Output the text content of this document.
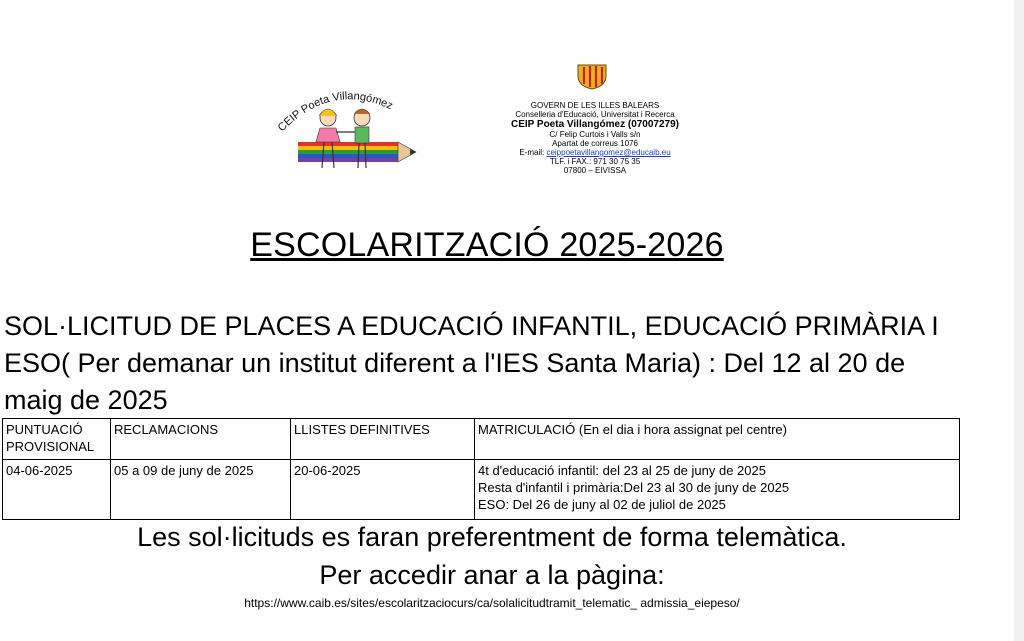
CEIP Poeta Villangómez	GOVERN DE LES ILLES BALEARS
Conselleria d'Educació, Universitat i Recerca
CEIP Poeta Villangómez (07007279)
C/ Felip Curtois i Valls s/n
Apartat de correus 1076
E-mail: ceippoetavillangomez@educaib.eu
TLF. i FAX.: 971 30 75 35
07800 – EIVISSA
ESCOLARITZACIÓ 2025-2026
SOL·LICITUD DE PLACES A EDUCACIÓ INFANTIL, EDUCACIÓ PRIMÀRIA I ESO( Per demanar un institut diferent a l'IES Santa Maria) : Del 12 al 20 de maig de 2025
PUNTUACIÓ PROVISIONAL	RECLAMACIONS	LLISTES DEFINITIVES	MATRICULACIÓ (En el dia i hora assignat pel centre)
04-06-2025	05 a 09 de juny de 2025	20-06-2025	4t d'educació infantil: del 23 al 25 de juny de 2025
Resta d'infantil i primària:Del 23 al 30 de juny de 2025
ESO: Del 26 de juny al 02 de juliol de 2025
Les sol·licituds es faran preferentment de forma telemàtica.
Per accedir anar a la pàgina:
https://www.caib.es/sites/escolaritzaciocurs/ca/solalicitudtramit_telematic_ admissia_eiepeso/
